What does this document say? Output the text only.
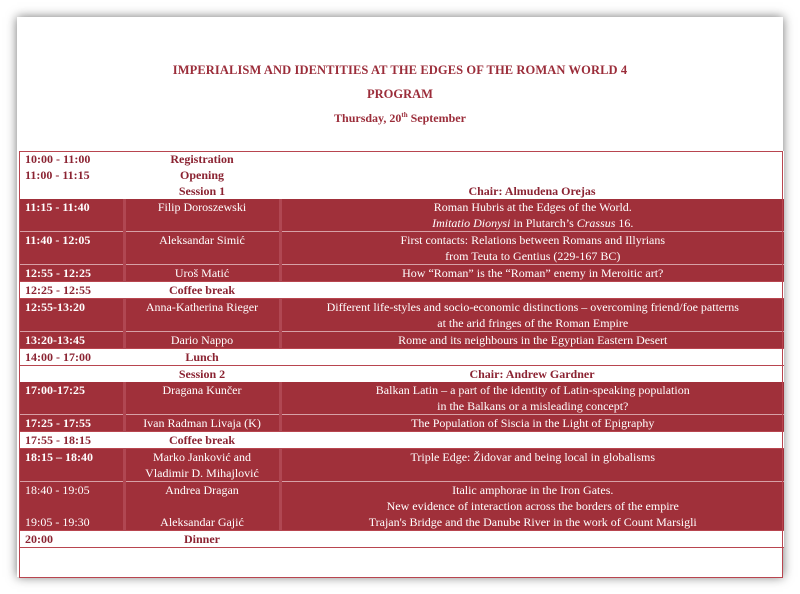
IMPERIALISM AND IDENTITIES AT THE EDGES OF THE ROMAN WORLD 4
PROGRAM
Thursday, 20th September
10:00 - 11:00	Registration	
11:00 - 11:15	Opening	
	Session 1	Chair: Almudena Orejas
11:15 - 11:40	Filip Doroszewski	Roman Hubris at the Edges of the World.
		Imitatio Dionysi in Plutarch’s Crassus 16.
11:40 - 12:05	Aleksandar Simić	First contacts: Relations between Romans and Illyrians
		from Teuta to Gentius (229-167 BC)
12:55 - 12:25	Uroš Matić	How “Roman” is the “Roman” enemy in Meroitic art?
12:25 - 12:55	Coffee break	
12:55-13:20	Anna-Katherina Rieger	Different life-styles and socio-economic distinctions – overcoming friend/foe patterns
		at the arid fringes of the Roman Empire
13:20-13:45	Dario Nappo	Rome and its neighbours in the Egyptian Eastern Desert
14:00 - 17:00	Lunch	
	Session 2	Chair: Andrew Gardner
17:00-17:25	Dragana Kunčer	Balkan Latin – a part of the identity of Latin-speaking population
		in the Balkans or a misleading concept?
17:25 - 17:55	Ivan Radman Livaja (K)	The Population of Siscia in the Light of Epigraphy
17:55 - 18:15	Coffee break	
18:15 – 18:40	Marko Janković and	Triple Edge: Židovar and being local in globalisms
	Vladimir D. Mihajlović	
18:40 - 19:05	Andrea Dragan	Italic amphorae in the Iron Gates.
		New evidence of interaction across the borders of the empire
19:05 - 19:30	Aleksandar Gajić	Trajan's Bridge and the Danube River in the work of Count Marsigli
20:00	Dinner	
